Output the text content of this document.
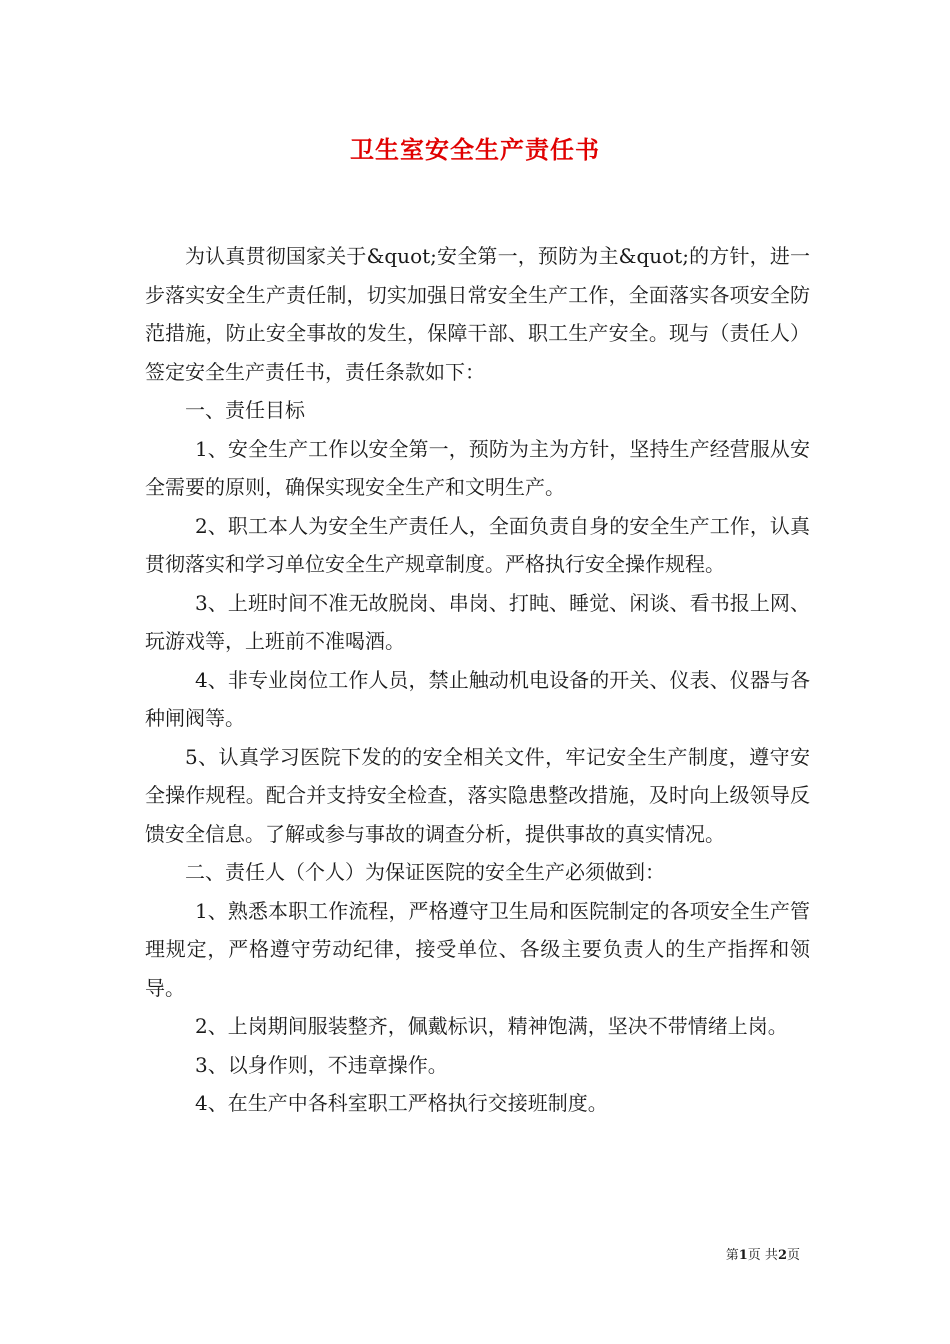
卫生室安全生产责任书

为认真贯彻国家关于&quot;安全第一，预防为主&quot;的方针，进一步落实安全生产责任制，切实加强日常安全生产工作，全面落实各项安全防范措施，防止安全事故的发生，保障干部、职工生产安全。现与（责任人）签定安全生产责任书，责任条款如下：

一、责任目标

1、安全生产工作以安全第一，预防为主为方针，坚持生产经营服从安全需要的原则，确保实现安全生产和文明生产。

2、职工本人为安全生产责任人，全面负责自身的安全生产工作，认真贯彻落实和学习单位安全生产规章制度。严格执行安全操作规程。

3、上班时间不准无故脱岗、串岗、打盹、睡觉、闲谈、看书报上网、玩游戏等，上班前不准喝酒。

4、非专业岗位工作人员，禁止触动机电设备的开关、仪表、仪器与各种闸阀等。

5、认真学习医院下发的的安全相关文件，牢记安全生产制度，遵守安全操作规程。配合并支持安全检查，落实隐患整改措施，及时向上级领导反馈安全信息。了解或参与事故的调查分析，提供事故的真实情况。

二、责任人（个人）为保证医院的安全生产必须做到：

1、熟悉本职工作流程，严格遵守卫生局和医院制定的各项安全生产管理规定，严格遵守劳动纪律，接受单位、各级主要负责人的生产指挥和领导。

2、上岗期间服装整齐，佩戴标识，精神饱满，坚决不带情绪上岗。

3、以身作则，不违章操作。

4、在生产中各科室职工严格执行交接班制度。

第1页 共2页
